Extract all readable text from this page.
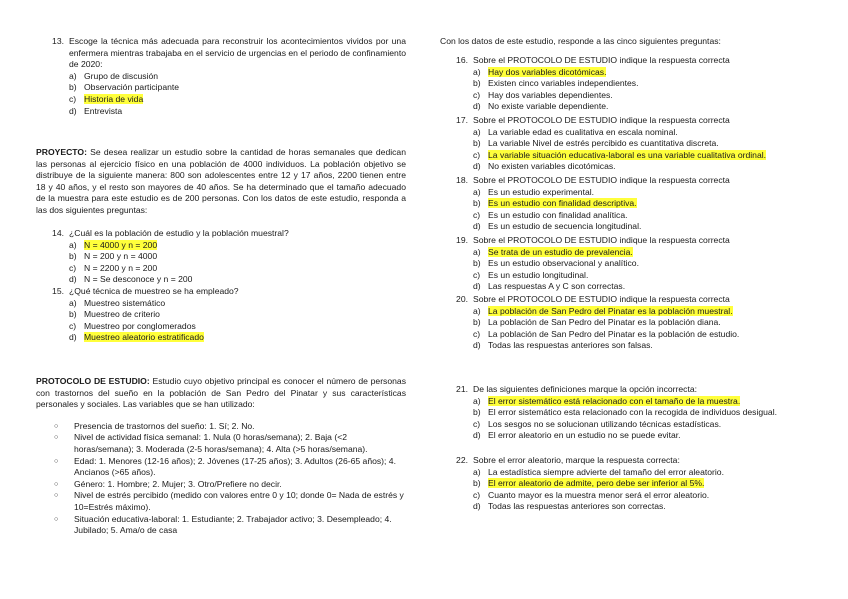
13. Escoge la técnica más adecuada para reconstruir los acontecimientos vividos por una enfermera mientras trabajaba en el servicio de urgencias en el periodo de confinamiento de 2020:
a) Grupo de discusión
b) Observación participante
c) Historia de vida
d) Entrevista
PROYECTO: Se desea realizar un estudio sobre la cantidad de horas semanales que dedican las personas al ejercicio físico en una población de 4000 individuos. La población objetivo se distribuye de la siguiente manera: 800 son adolescentes entre 12 y 17 años, 2200 tienen entre 18 y 40 años, y el resto son mayores de 40 años. Se ha determinado que el tamaño adecuado de la muestra para este estudio es de 200 personas. Con los datos de este estudio, responda a las dos siguientes preguntas:
14. ¿Cuál es la población de estudio y la población muestral?
a) N = 4000 y n = 200
b) N = 200 y n = 4000
c) N = 2200 y n = 200
d) N = Se desconoce y n = 200
15. ¿Qué técnica de muestreo se ha empleado?
a) Muestreo sistemático
b) Muestreo de criterio
c) Muestreo por conglomerados
d) Muestreo aleatorio estratificado
PROTOCOLO DE ESTUDIO: Estudio cuyo objetivo principal es conocer el número de personas con trastornos del sueño en la población de San Pedro del Pinatar y sus características personales y sociales. Las variables que se han utilizado:
○	Presencia de trastornos del sueño: 1. Sí; 2. No.
○	Nivel de actividad física semanal: 1. Nula (0 horas/semana); 2. Baja (<2 horas/semana); 3. Moderada (2-5 horas/semana); 4. Alta (>5 horas/semana).
○	Edad: 1. Menores (12-16 años); 2. Jóvenes (17-25 años); 3. Adultos (26-65 años); 4. Ancianos (>65 años).
○	Género: 1. Hombre; 2. Mujer; 3. Otro/Prefiere no decir.
○	Nivel de estrés percibido (medido con valores entre 0 y 10; donde 0= Nada de estrés y 10=Estrés máximo).
○	Situación educativa-laboral: 1. Estudiante; 2. Trabajador activo; 3. Desempleado; 4. Jubilado; 5. Ama/o de casa
Con los datos de este estudio, responde a las cinco siguientes preguntas:
16. Sobre el PROTOCOLO DE ESTUDIO indique la respuesta correcta
a) Hay dos variables dicotómicas.
b) Existen cinco variables independientes.
c) Hay dos variables dependientes.
d) No existe variable dependiente.
17. Sobre el PROTOCOLO DE ESTUDIO indique la respuesta correcta
a) La variable edad es cualitativa en escala nominal.
b) La variable Nivel de estrés percibido es cuantitativa discreta.
c) La variable situación educativa-laboral es una variable cualitativa ordinal.
d) No existen variables dicotómicas.
18. Sobre el PROTOCOLO DE ESTUDIO indique la respuesta correcta
a) Es un estudio experimental.
b) Es un estudio con finalidad descriptiva.
c) Es un estudio con finalidad analítica.
d) Es un estudio de secuencia longitudinal.
19. Sobre el PROTOCOLO DE ESTUDIO indique la respuesta correcta
a) Se trata de un estudio de prevalencia.
b) Es un estudio observacional y analítico.
c) Es un estudio longitudinal.
d) Las respuestas A y C son correctas.
20. Sobre el PROTOCOLO DE ESTUDIO indique la respuesta correcta
a) La población de San Pedro del Pinatar es la población muestral.
b) La población de San Pedro del Pinatar es la población diana.
c) La población de San Pedro del Pinatar es la población de estudio.
d) Todas las respuestas anteriores son falsas.
21. De las siguientes definiciones marque la opción incorrecta:
a) El error sistemático está relacionado con el tamaño de la muestra.
b) El error sistemático esta relacionado con la recogida de individuos desigual.
c) Los sesgos no se solucionan utilizando técnicas estadísticas.
d) El error aleatorio en un estudio no se puede evitar.
22. Sobre el error aleatorio, marque la respuesta correcta:
a) La estadística siempre advierte del tamaño del error aleatorio.
b) El error aleatorio de admite, pero debe ser inferior al 5%.
c) Cuanto mayor es la muestra menor será el error aleatorio.
d) Todas las respuestas anteriores son correctas.
